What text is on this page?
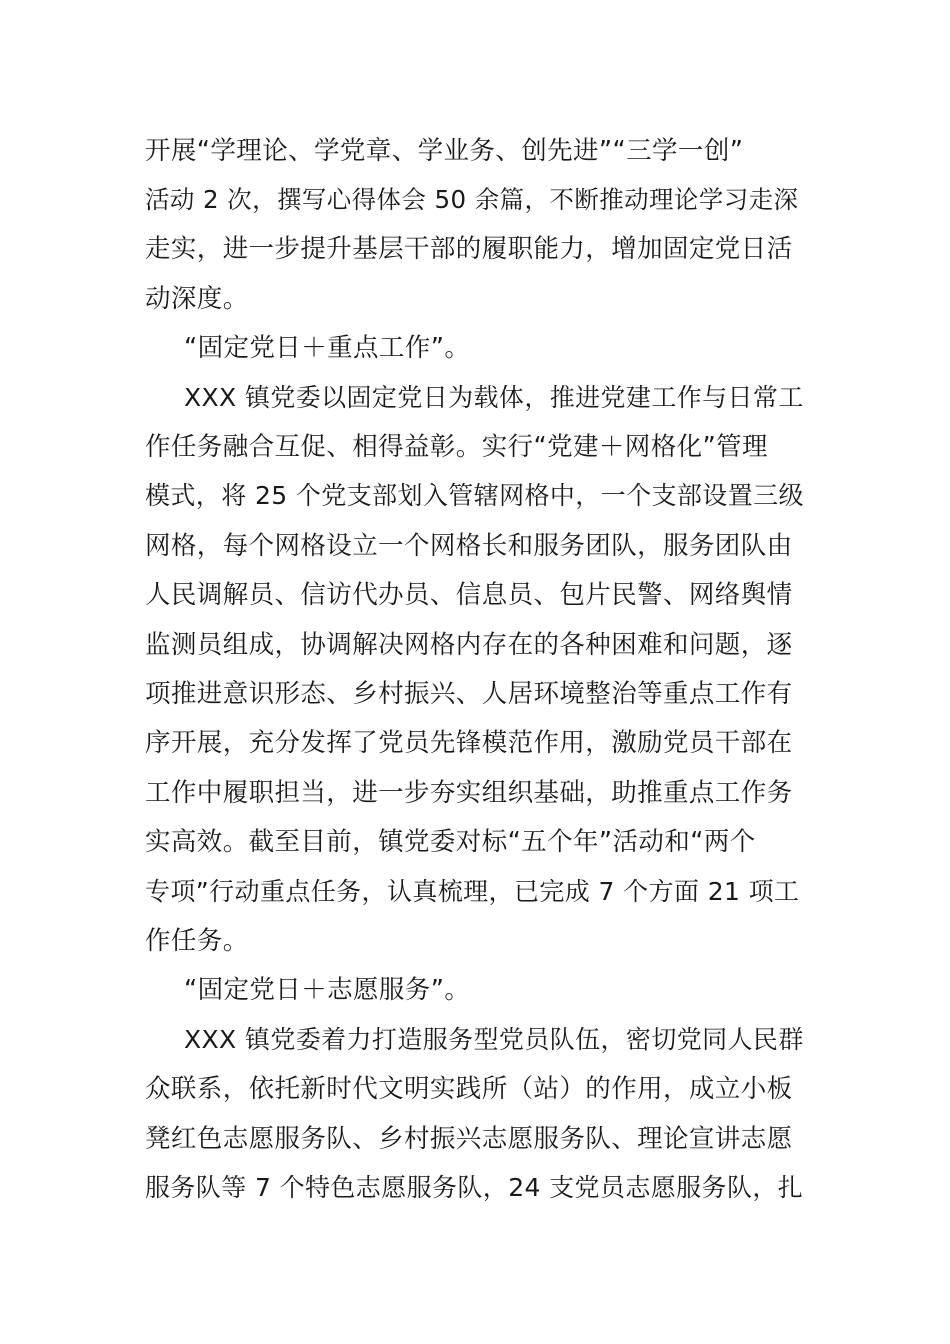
开展“学理论、学党章、学业务、创先进”“三学一创”
活动 2 次，撰写心得体会 50 余篇，不断推动理论学习走深
走实，进一步提升基层干部的履职能力，增加固定党日活
动深度。
“固定党日＋重点工作”。
XXX 镇党委以固定党日为载体，推进党建工作与日常工
作任务融合互促、相得益彰。实行“党建＋网格化”管理
模式，将 25 个党支部划入管辖网格中，一个支部设置三级
网格，每个网格设立一个网格长和服务团队，服务团队由
人民调解员、信访代办员、信息员、包片民警、网络舆情
监测员组成，协调解决网格内存在的各种困难和问题，逐
项推进意识形态、乡村振兴、人居环境整治等重点工作有
序开展，充分发挥了党员先锋模范作用，激励党员干部在
工作中履职担当，进一步夯实组织基础，助推重点工作务
实高效。截至目前，镇党委对标“五个年”活动和“两个
专项”行动重点任务，认真梳理，已完成 7 个方面 21 项工
作任务。
“固定党日＋志愿服务”。
XXX 镇党委着力打造服务型党员队伍，密切党同人民群
众联系，依托新时代文明实践所（站）的作用，成立小板
凳红色志愿服务队、乡村振兴志愿服务队、理论宣讲志愿
服务队等 7 个特色志愿服务队，24 支党员志愿服务队，扎
